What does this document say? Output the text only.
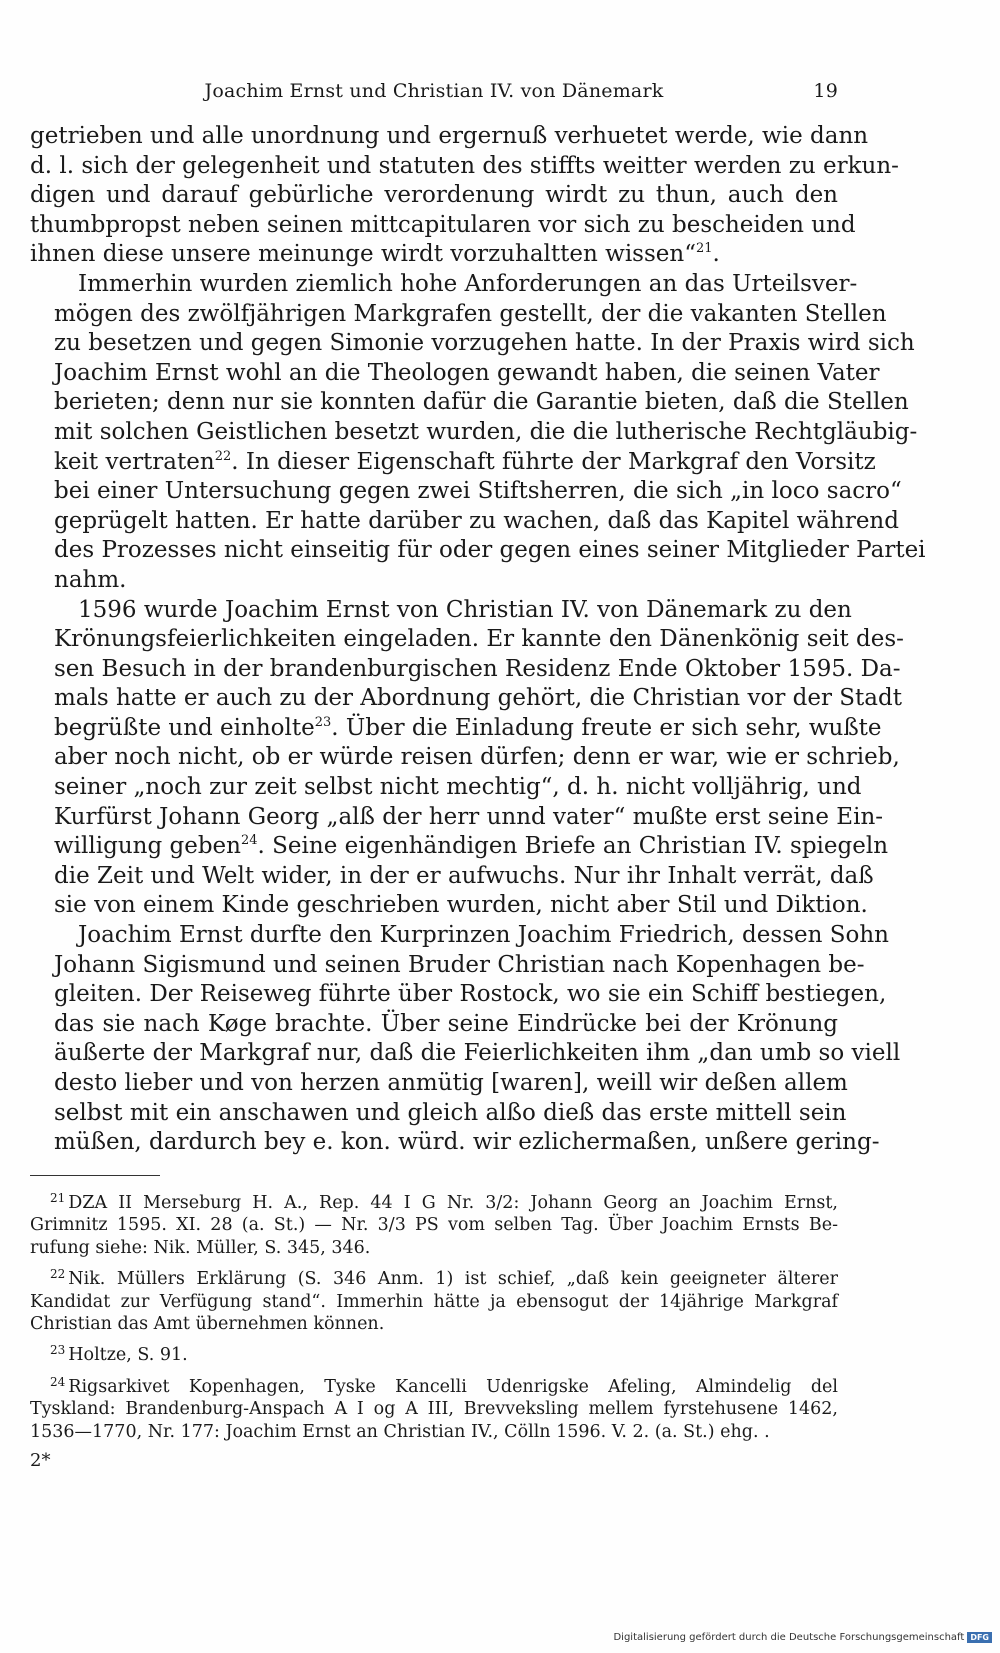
Joachim Ernst und Christian IV. von Dänemark	19
getrieben und alle unordnung und ergernuß verhuetet werde, wie dann
d. l. sich der gelegenheit und statuten des stiffts weitter werden zu erkun-
digen und darauf gebürliche verordenung wirdt zu thun, auch den
thumbpropst neben seinen mittcapitularen vor sich zu bescheiden und
ihnen diese unsere meinunge wirdt vorzuhaltten wissen“$^{21}$.
Immerhin wurden ziemlich hohe Anforderungen an das Urteilsver-
mögen des zwölfjährigen Markgrafen gestellt, der die vakanten Stellen
zu besetzen und gegen Simonie vorzugehen hatte. In der Praxis wird sich
Joachim Ernst wohl an die Theologen gewandt haben, die seinen Vater
berieten; denn nur sie konnten dafür die Garantie bieten, daß die Stellen
mit solchen Geistlichen besetzt wurden, die die lutherische Rechtgläubig-
keit vertraten$^{22}$. In dieser Eigenschaft führte der Markgraf den Vorsitz
bei einer Untersuchung gegen zwei Stiftsherren, die sich „in loco sacro“
geprügelt hatten. Er hatte darüber zu wachen, daß das Kapitel während
des Prozesses nicht einseitig für oder gegen eines seiner Mitglieder Partei
nahm.
1596 wurde Joachim Ernst von Christian IV. von Dänemark zu den
Krönungsfeierlichkeiten eingeladen. Er kannte den Dänenkönig seit des-
sen Besuch in der brandenburgischen Residenz Ende Oktober 1595. Da-
mals hatte er auch zu der Abordnung gehört, die Christian vor der Stadt
begrüßte und einholte$^{23}$. Über die Einladung freute er sich sehr, wußte
aber noch nicht, ob er würde reisen dürfen; denn er war, wie er schrieb,
seiner „noch zur zeit selbst nicht mechtig“, d. h. nicht volljährig, und
Kurfürst Johann Georg „alß der herr unnd vater“ mußte erst seine Ein-
willigung geben$^{24}$. Seine eigenhändigen Briefe an Christian IV. spiegeln
die Zeit und Welt wider, in der er aufwuchs. Nur ihr Inhalt verrät, daß
sie von einem Kinde geschrieben wurden, nicht aber Stil und Diktion.
Joachim Ernst durfte den Kurprinzen Joachim Friedrich, dessen Sohn
Johann Sigismund und seinen Bruder Christian nach Kopenhagen be-
gleiten. Der Reiseweg führte über Rostock, wo sie ein Schiff bestiegen,
das sie nach Køge brachte. Über seine Eindrücke bei der Krönung
äußerte der Markgraf nur, daß die Feierlichkeiten ihm „dan umb so viell
desto lieber und von herzen anmütig [waren], weill wir deßen allem
selbst mit ein anschawen und gleich alßo dieß das erste mittell sein
müßen, dardurch bey e. kon. würd. wir ezlichermaßen, unßere gering-
$^{21}$ DZA II Merseburg H. A., Rep. 44 I G Nr. 3/2: Johann Georg an Joachim Ernst,
Grimnitz 1595. XI. 28 (a. St.) — Nr. 3/3 PS vom selben Tag. Über Joachim Ernsts Be-
rufung siehe: Nik. Müller, S. 345, 346.
$^{22}$ Nik. Müllers Erklärung (S. 346 Anm. 1) ist schief, „daß kein geeigneter älterer
Kandidat zur Verfügung stand“. Immerhin hätte ja ebensogut der 14jährige Markgraf
Christian das Amt übernehmen können.
$^{23}$ Holtze, S. 91.
$^{24}$ Rigsarkivet Kopenhagen, Tyske Kancelli Udenrigske Afeling, Almindelig del
Tyskland: Brandenburg-Anspach A I og A III, Brevveksling mellem fyrstehusene 1462,
1536—1770, Nr. 177: Joachim Ernst an Christian IV., Cölln 1596. V. 2. (a. St.) ehg. .
2*
Digitalisierung gefördert durch die Deutsche Forschungsgemeinschaft DFG
